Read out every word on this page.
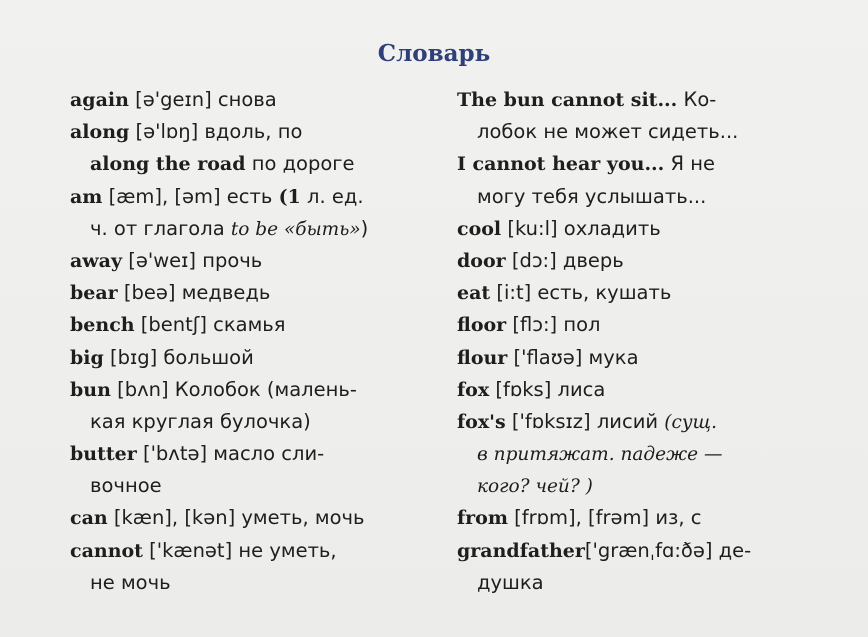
Словарь
again [ə'geɪn] снова
along [ə'lɒŋ] вдоль, по
along the road по дороге
am [æm], [əm] есть (1 л. ед.
ч. от глагола to be «быть»)
away [ə'weɪ] прочь
bear [beə] медведь
bench [bentʃ] скамья
big [bɪg] большой
bun [bʌn] Колобок (малень-
кая круглая булочка)
butter ['bʌtə] масло сли-
вочное
can [kæn], [kən] уметь, мочь
cannot ['kænət] не уметь,
не мочь
The bun cannot sit... Ко-
лобок не может сидеть...
I cannot hear you... Я не
могу тебя услышать...
cool [ku:l] охладить
door [dɔ:] дверь
eat [i:t] есть, кушать
floor [flɔ:] пол
flour ['flaʊə] мука
fox [fɒks] лиса
fox's ['fɒksɪz] лисий (сущ.
в притяжат. падеже —
кого? чей? )
from [frɒm], [frəm] из, с
grandfather['grænˌfɑ:ðə] де-
душка
